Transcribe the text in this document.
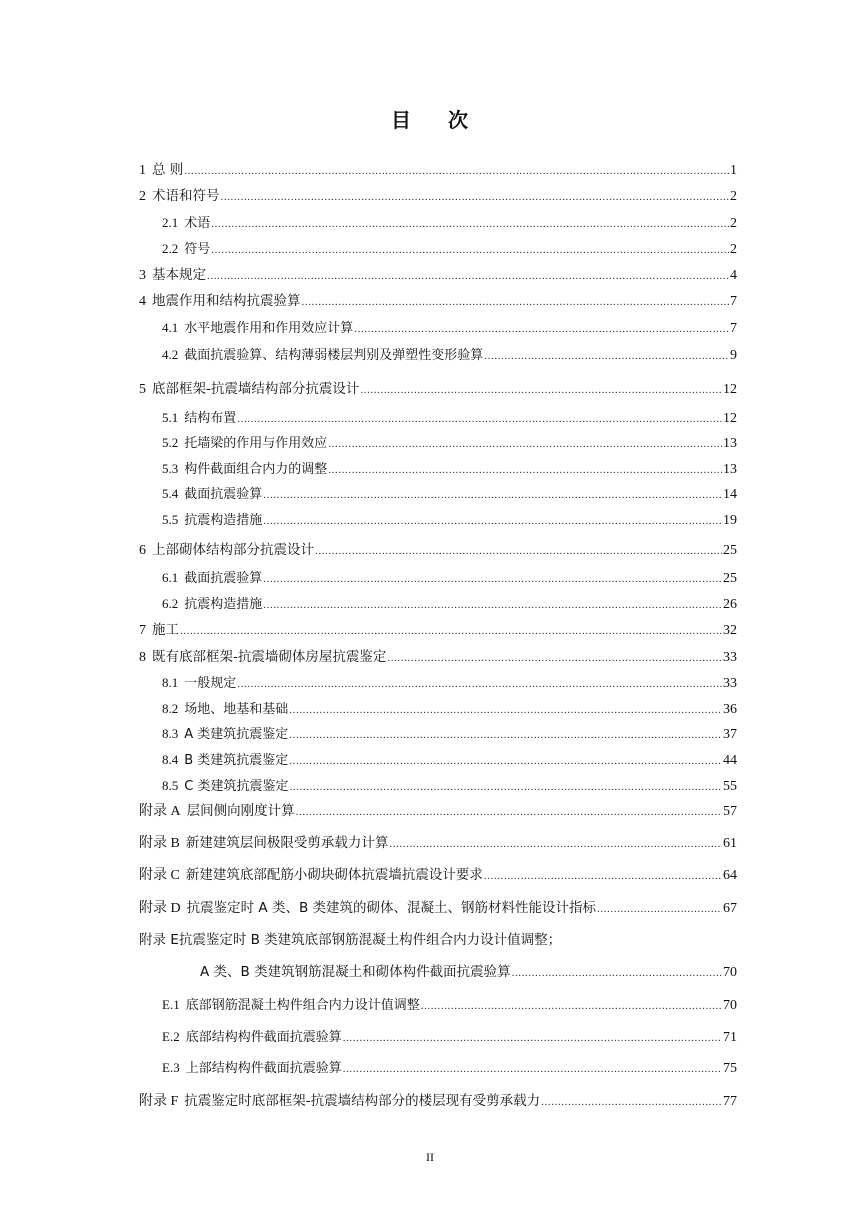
目 次
1 总 则 .....	1
2 术语和符号 .....	2
2.1 术语 .....	2
2.2 符号 .....	2
3 基本规定 .....	4
4 地震作用和结构抗震验算 .....	7
4.1 水平地震作用和作用效应计算 .....	7
4.2 截面抗震验算、结构薄弱楼层判别及弹塑性变形验算 .....	9
5 底部框架-抗震墙结构部分抗震设计 .....	12
5.1 结构布置 .....	12
5.2 托墙梁的作用与作用效应 .....	13
5.3 构件截面组合内力的调整 .....	13
5.4 截面抗震验算 .....	14
5.5 抗震构造措施 .....	19
6 上部砌体结构部分抗震设计 .....	25
6.1 截面抗震验算 .....	25
6.2 抗震构造措施 .....	26
7 施工 .....	32
8 既有底部框架-抗震墙砌体房屋抗震鉴定 .....	33
8.1 一般规定 .....	33
8.2 场地、地基和基础 .....	36
8.3 A 类建筑抗震鉴定 .....	37
8.4 B 类建筑抗震鉴定 .....	44
8.5 C 类建筑抗震鉴定 .....	55
附录 A 层间侧向刚度计算 .....	57
附录 B 新建建筑层间极限受剪承载力计算 .....	61
附录 C 新建建筑底部配筋小砌块砌体抗震墙抗震设计要求 .....	64
附录 D 抗震鉴定时 A 类、B 类建筑的砌体、混凝土、钢筋材料性能设计指标 .....	67
附录 E抗震鉴定时 B 类建筑底部钢筋混凝土构件组合内力设计值调整；
A 类、B 类建筑钢筋混凝土和砌体构件截面抗震验算 .....	70
E.1 底部钢筋混凝土构件组合内力设计值调整 .....	70
E.2 底部结构构件截面抗震验算 .....	71
E.3 上部结构构件截面抗震验算 .....	75
附录 F 抗震鉴定时底部框架-抗震墙结构部分的楼层现有受剪承载力 .....	77
II
